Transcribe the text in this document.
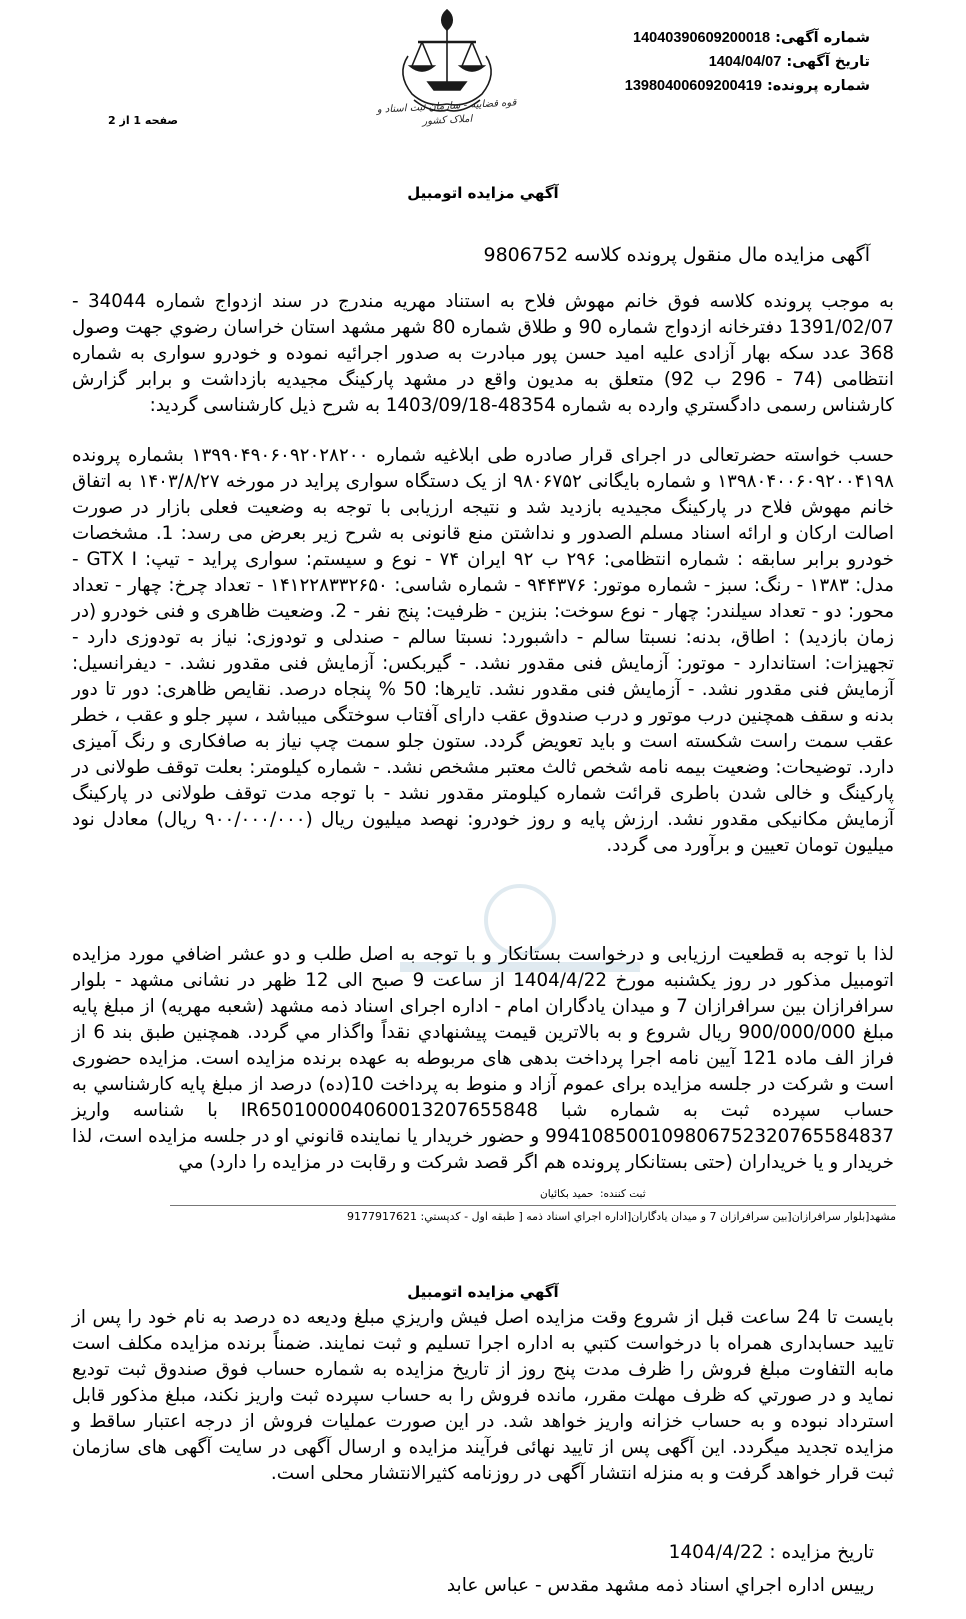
قوه قضاییه - سازمان ثبت اسناد و املاک کشور
شماره آگهی: 14040390609200018
تاریخ آگهی: 1404/04/07
شماره پرونده: 13980400609200419
صفحه 1 از 2
آگهي مزايده اتومبيل
آگهی مزایده مال منقول پرونده کلاسه 9806752
به موجب پرونده کلاسه فوق خانم مهوش فلاح به استناد مهریه مندرج در سند ازدواج شماره 34044 - 1391/02/07 دفترخانه ازدواج شماره 90 و طلاق شماره 80 شهر مشهد استان خراسان رضوي جهت وصول 368 عدد سکه بهار آزادی علیه امید حسن پور مبادرت به صدور اجرائیه نموده و خودرو سواری به شماره انتظامی (74 - 296 ب 92) متعلق به مدیون واقع در مشهد پارکینگ مجیدیه بازداشت و برابر گزارش کارشناس رسمی دادگستري وارده به شماره 48354-1403/09/18 به شرح ذیل کارشناسی گردید:
حسب خواسته حضرتعالی در اجرای قرار صادره طی ابلاغیه شماره ۱۳۹۹۰۴۹۰۶۰۹۲۰۲۸۲۰۰ بشماره پرونده ۱۳۹۸۰۴۰۰۶۰۹۲۰۰۴۱۹۸ و شماره بایگانی ۹۸۰۶۷۵۲ از یک دستگاه سواری پراید در مورخه ۱۴۰۳/۸/۲۷ به اتفاق خانم مهوش فلاح در پارکینگ مجیدیه بازدید شد و نتیجه ارزیابی با توجه به وضعیت فعلی بازار در صورت اصالت ارکان و ارائه اسناد مسلم الصدور و نداشتن منع قانونی به شرح زیر بعرض می رسد: 1. مشخصات خودرو برابر سابقه : شماره انتظامی: ۲۹۶ ب ۹۲ ایران ۷۴ - نوع و سیستم: سواری پراید - تیپ: GTX I - مدل: ۱۳۸۳ - رنگ: سبز - شماره موتور: ۹۴۴۳۷۶ - شماره شاسی: ۱۴۱۲۲۸۳۳۲۶۵۰ - تعداد چرخ: چهار - تعداد محور: دو - تعداد سیلندر: چهار - نوع سوخت: بنزین - ظرفیت: پنج نفر - 2. وضعیت ظاهری و فنی خودرو (در زمان بازدید) : اطاق، بدنه: نسبتا سالم - داشبورد: نسبتا سالم - صندلی و تودوزی: نیاز به تودوزی دارد - تجهیزات: استاندارد - موتور: آزمایش فنی مقدور نشد. - گیربکس: آزمایش فنی مقدور نشد. - دیفرانسیل: آزمایش فنی مقدور نشد. - آزمایش فنی مقدور نشد. تایرها: 50 % پنجاه درصد. نقایص ظاهری: دور تا دور بدنه و سقف همچنین درب موتور و درب صندوق عقب دارای آفتاب سوختگی میباشد ، سپر جلو و عقب ، خطر عقب سمت راست شکسته است و باید تعویض گردد. ستون جلو سمت چپ نیاز به صافکاری و رنگ آمیزی دارد. توضیحات: وضعیت بیمه نامه شخص ثالث معتبر مشخص نشد. - شماره کیلومتر: بعلت توقف طولانی در پارکینگ و خالی شدن باطری قرائت شماره کیلومتر مقدور نشد - با توجه مدت توقف طولانی در پارکینگ آزمایش مکانیکی مقدور نشد. ارزش پایه و روز خودرو: نهصد میلیون ریال (۹۰۰/۰۰۰/۰۰۰ ریال) معادل نود میلیون تومان تعیین و برآورد می گردد.
لذا با توجه به قطعیت ارزیابی و درخواست بستانکار و با توجه به اصل طلب و دو عشر اضافي مورد مزايده اتومبیل مذکور در روز یکشنبه مورخ 1404/4/22 از ساعت 9 صبح الی 12 ظهر در نشانی مشهد - بلوار سرافرازان بین سرافرازان 7 و میدان یادگاران امام - اداره اجرای اسناد ذمه مشهد (شعبه مهریه) از مبلغ پایه مبلغ 900/000/000 ریال شروع و به بالاترين قيمت پيشنهادي نقداً واگذار مي گردد. همچنین طبق بند 6 از فراز الف ماده 121 آیین نامه اجرا پرداخت بدهی های مربوطه به عهده برنده مزايده است. مزایده حضوری است و شرکت در جلسه مزايده برای عموم آزاد و منوط به پرداخت 10(ده) درصد از مبلغ پايه کارشناسي به حساب سپرده ثبت به شماره شبا IR650100004060013207655848 با شناسه واریز 994108500109806752320765584837 و حضور خريدار يا نماينده قانوني او در جلسه مزایده است، لذا خریدار و یا خریداران (حتی بستانکار پرونده هم اگر قصد شرکت و رقابت در مزایده را دارد) مي
ثبت کننده:
حمید بکائیان
مشهد[بلوار سرافرازان[بين سرافرازان 7 و ميدان يادگاران[اداره اجراي اسناد ذمه [ طبقه اول - کدپستي: 9177917621
آگهي مزايده اتومبيل
بایست تا 24 ساعت قبل از شروع وقت مزايده اصل فيش واريزي مبلغ وديعه ده درصد به نام خود را پس از تاييد حسابداری همراه با درخواست کتبي به اداره اجرا تسليم و ثبت نمايند. ضمناً برنده مزايده مکلف است مابه التفاوت مبلغ فروش را ظرف مدت پنج روز از تاريخ مزايده به شماره حساب فوق صندوق ثبت توديع نمايد و در صورتي که ظرف مهلت مقرر، مانده فروش را به حساب سپرده ثبت واريز نکند، مبلغ مذکور قابل استرداد نبوده و به حساب خزانه واريز خواهد شد. در اين صورت عمليات فروش از درجه اعتبار ساقط و مزايده تجديد ميگردد. این آگهی پس از تایید نهائی فرآیند مزایده و ارسال آگهی در سایت آگهی های سازمان ثبت قرار خواهد گرفت و به منزله انتشار آگهی در روزنامه کثیرالانتشار محلی است.
تاریخ مزایده : 1404/4/22
رييس اداره اجراي اسناد ذمه مشهد مقدس - عباس عابد
